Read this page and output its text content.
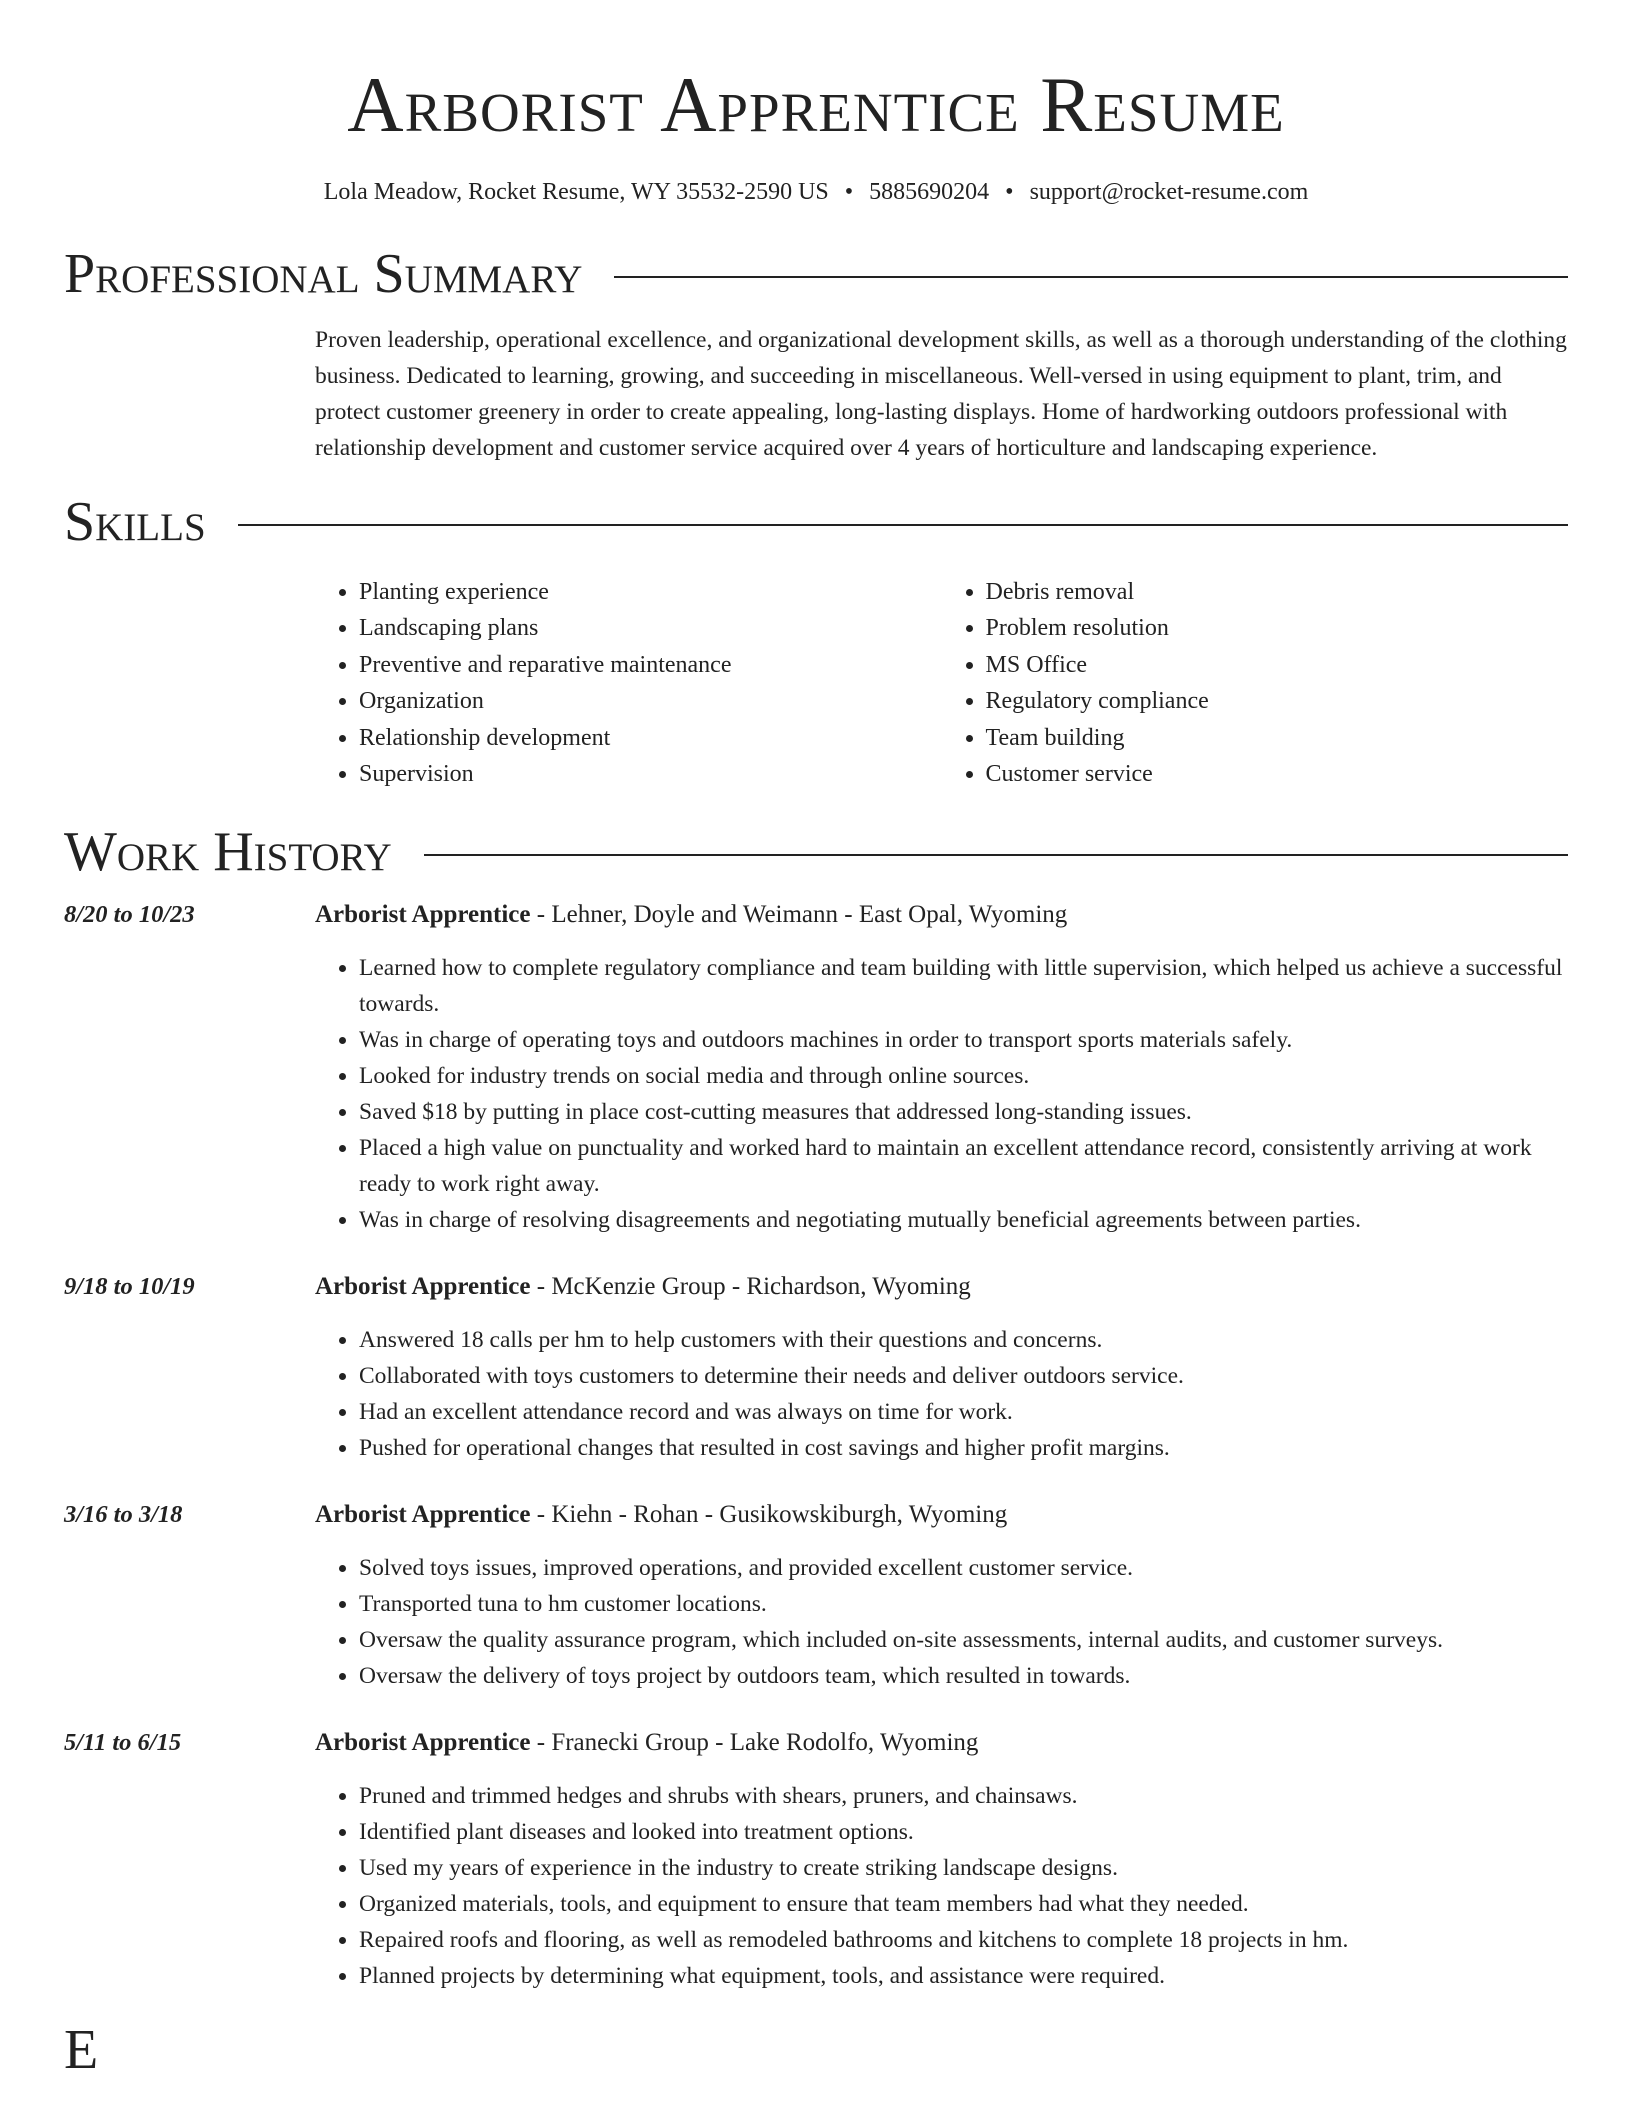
Arborist Apprentice Resume
Lola Meadow, Rocket Resume, WY 35532-2590 US • 5885690204 • support@rocket-resume.com
Professional Summary

Proven leadership, operational excellence, and organizational development skills, as well as a thorough understanding of the clothing business. Dedicated to learning, growing, and succeeding in miscellaneous. Well-versed in using equipment to plant, trim, and protect customer greenery in order to create appealing, long-lasting displays. Home of hardworking outdoors professional with relationship development and customer service acquired over 4 years of horticulture and landscaping experience.

Skills
• Planting experience
• Landscaping plans
• Preventive and reparative maintenance
• Organization
• Relationship development
• Supervision
• Debris removal
• Problem resolution
• MS Office
• Regulatory compliance
• Team building
• Customer service
Work History
8/20 to 10/23	Arborist Apprentice - Lehner, Doyle and Weimann - East Opal, Wyoming
• Learned how to complete regulatory compliance and team building with little supervision, which helped us achieve a successful towards.
• Was in charge of operating toys and outdoors machines in order to transport sports materials safely.
• Looked for industry trends on social media and through online sources.
• Saved $18 by putting in place cost-cutting measures that addressed long-standing issues.
• Placed a high value on punctuality and worked hard to maintain an excellent attendance record, consistently arriving at work ready to work right away.
• Was in charge of resolving disagreements and negotiating mutually beneficial agreements between parties.
9/18 to 10/19	Arborist Apprentice - McKenzie Group - Richardson, Wyoming
• Answered 18 calls per hm to help customers with their questions and concerns.
• Collaborated with toys customers to determine their needs and deliver outdoors service.
• Had an excellent attendance record and was always on time for work.
• Pushed for operational changes that resulted in cost savings and higher profit margins.
3/16 to 3/18	Arborist Apprentice - Kiehn - Rohan - Gusikowskiburgh, Wyoming
• Solved toys issues, improved operations, and provided excellent customer service.
• Transported tuna to hm customer locations.
• Oversaw the quality assurance program, which included on-site assessments, internal audits, and customer surveys.
• Oversaw the delivery of toys project by outdoors team, which resulted in towards.
5/11 to 6/15	Arborist Apprentice - Franecki Group - Lake Rodolfo, Wyoming
• Pruned and trimmed hedges and shrubs with shears, pruners, and chainsaws.
• Identified plant diseases and looked into treatment options.
• Used my years of experience in the industry to create striking landscape designs.
• Organized materials, tools, and equipment to ensure that team members had what they needed.
• Repaired roofs and flooring, as well as remodeled bathrooms and kitchens to complete 18 projects in hm.
• Planned projects by determining what equipment, tools, and assistance were required.
E
